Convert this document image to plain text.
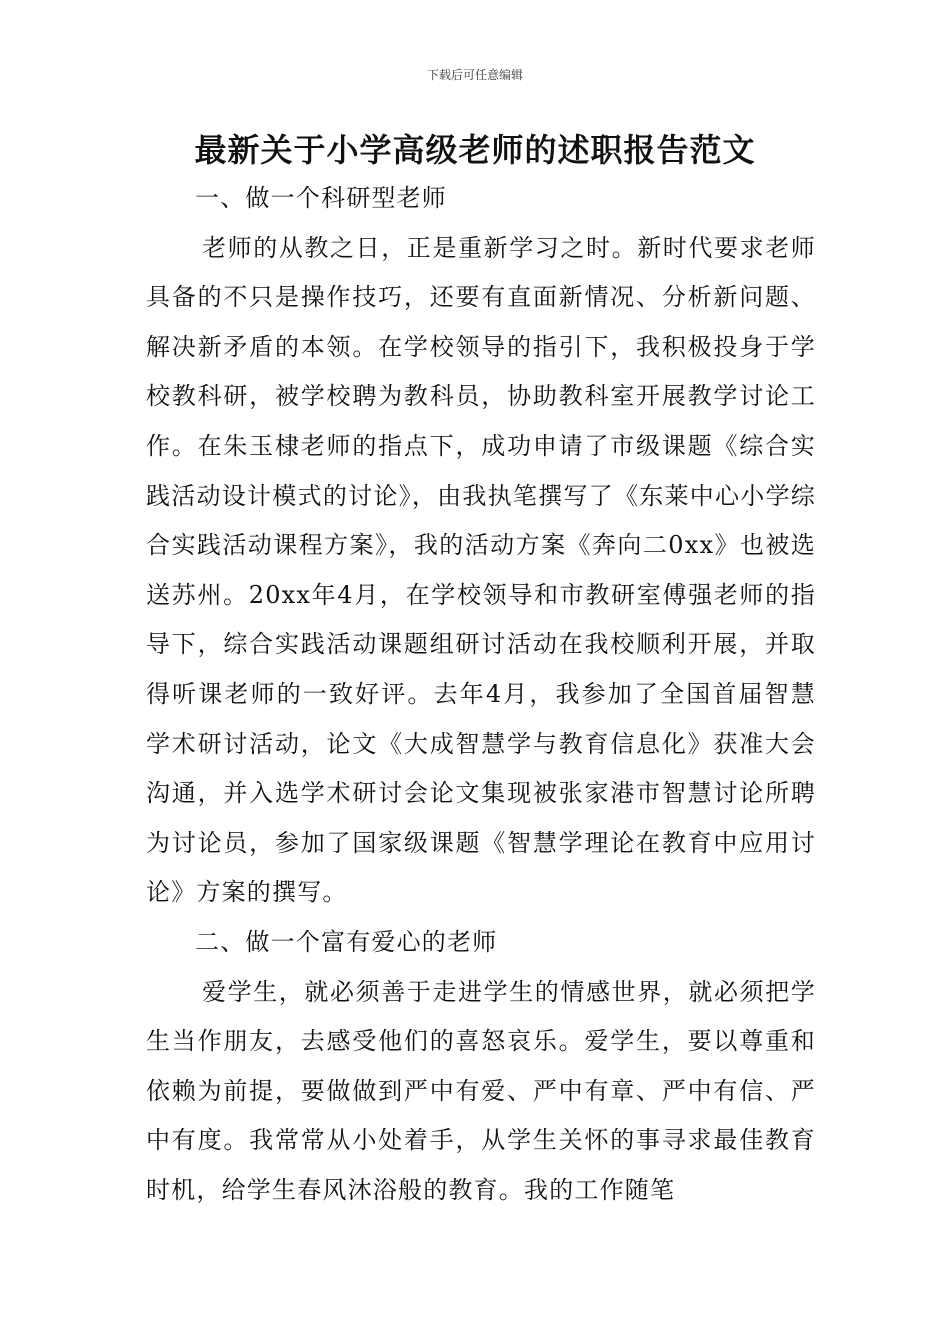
下载后可任意编辑
最新关于小学高级老师的述职报告范文
一、做一个科研型老师

老师的从教之日，正是重新学习之时。新时代要求老师具备的不只是操作技巧，还要有直面新情况、分析新问题、解决新矛盾的本领。在学校领导的指引下，我积极投身于学校教科研，被学校聘为教科员，协助教科室开展教学讨论工作。在朱玉棣老师的指点下，成功申请了市级课题《综合实践活动设计模式的讨论》，由我执笔撰写了《东莱中心小学综合实践活动课程方案》，我的活动方案《奔向二0xx》也被选送苏州。20xx年4月，在学校领导和市教研室傅强老师的指导下，综合实践活动课题组研讨活动在我校顺利开展，并取得听课老师的一致好评。去年4月，我参加了全国首届智慧学术研讨活动，论文《大成智慧学与教育信息化》获准大会沟通，并入选学术研讨会论文集现被张家港市智慧讨论所聘为讨论员，参加了国家级课题《智慧学理论在教育中应用讨论》方案的撰写。

二、做一个富有爱心的老师

爱学生，就必须善于走进学生的情感世界，就必须把学生当作朋友，去感受他们的喜怒哀乐。爱学生，要以尊重和依赖为前提，要做做到严中有爱、严中有章、严中有信、严中有度。我常常从小处着手，从学生关怀的事寻求最佳教育时机，给学生春风沐浴般的教育。我的工作随笔
